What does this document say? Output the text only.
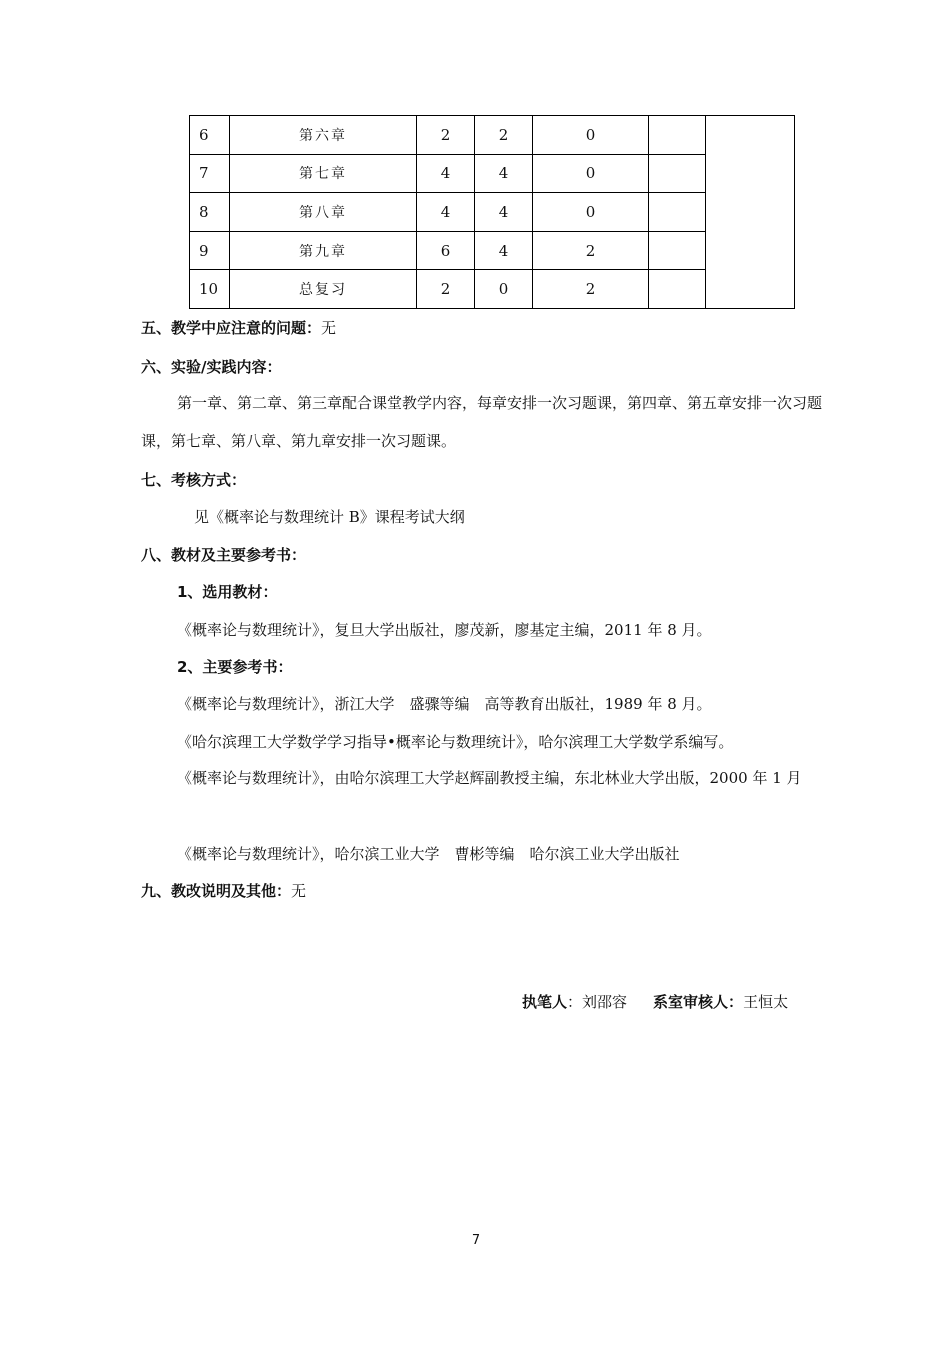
6	第六章	2	2	0		
7	第七章	4	4	0		
8	第八章	4	4	0		
9	第九章	6	4	2		
10	总复习	2	0	2		
五、教学中应注意的问题：无
六、实验/实践内容：
第一章、第二章、第三章配合课堂教学内容，每章安排一次习题课，第四章、第五章安排一次习题课，第七章、第八章、第九章安排一次习题课。
七、考核方式：
见《概率论与数理统计 B》课程考试大纲
八、教材及主要参考书：
1、选用教材：
《概率论与数理统计》，复旦大学出版社，廖茂新，廖基定主编，2011 年 8 月。
2、主要参考书：
《概率论与数理统计》，浙江大学　盛骤等编　高等教育出版社，1989 年 8 月。
《哈尔滨理工大学数学学习指导•概率论与数理统计》，哈尔滨理工大学数学系编写。
《概率论与数理统计》，由哈尔滨理工大学赵辉副教授主编，东北林业大学出版，2000 年 1 月
《概率论与数理统计》，哈尔滨工业大学　曹彬等编　哈尔滨工业大学出版社
九、教改说明及其他：无
执笔人：刘邵容 系室审核人：王恒太
7
